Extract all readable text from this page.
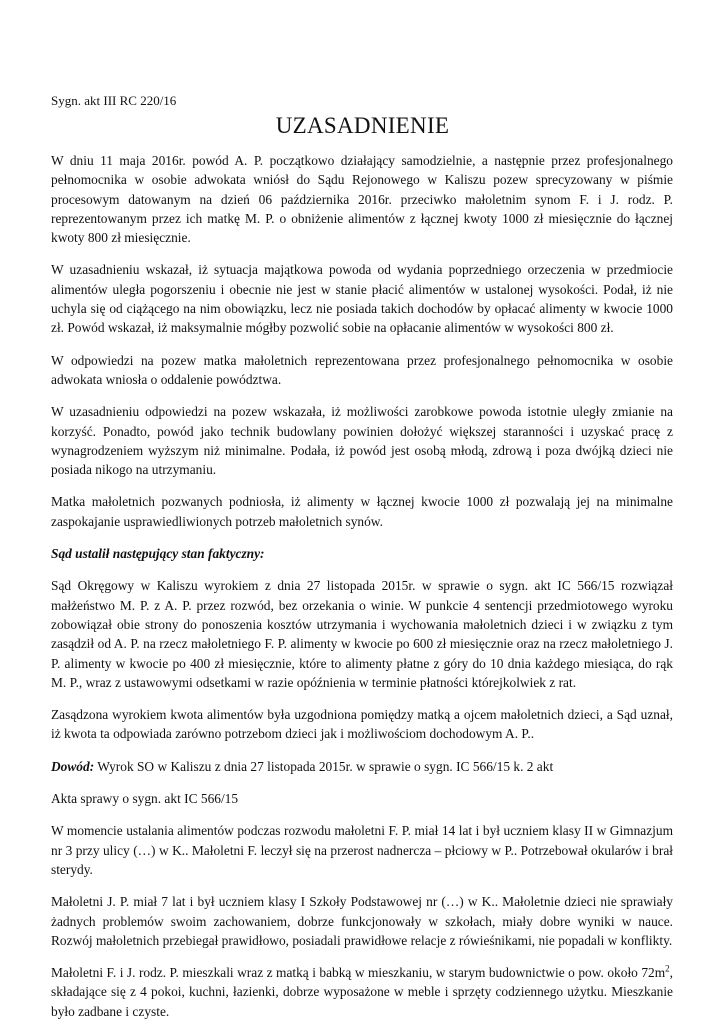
Sygn. akt III RC 220/16

UZASADNIENIE

W dniu 11 maja 2016r. powód A. P. początkowo działający samodzielnie, a następnie przez profesjonalnego pełnomocnika w osobie adwokata wniósł do Sądu Rejonowego w Kaliszu pozew sprecyzowany w piśmie procesowym datowanym na dzień 06 października 2016r. przeciwko małoletnim synom F. i J. rodz. P. reprezentowanym przez ich matkę M. P. o obniżenie alimentów z łącznej kwoty 1000 zł miesięcznie do łącznej kwoty 800 zł miesięcznie.

W uzasadnieniu wskazał, iż sytuacja majątkowa powoda od wydania poprzedniego orzeczenia w przedmiocie alimentów uległa pogorszeniu i obecnie nie jest w stanie płacić alimentów w ustalonej wysokości. Podał, iż nie uchyla się od ciążącego na nim obowiązku, lecz nie posiada takich dochodów by opłacać alimenty w kwocie 1000 zł. Powód wskazał, iż maksymalnie mógłby pozwolić sobie na opłacanie alimentów w wysokości 800 zł.

W odpowiedzi na pozew matka małoletnich reprezentowana przez profesjonalnego pełnomocnika w osobie adwokata wniosła o oddalenie powództwa.

W uzasadnieniu odpowiedzi na pozew wskazała, iż możliwości zarobkowe powoda istotnie uległy zmianie na korzyść. Ponadto, powód jako technik budowlany powinien dołożyć większej staranności i uzyskać pracę z wynagrodzeniem wyższym niż minimalne. Podała, iż powód jest osobą młodą, zdrową i poza dwójką dzieci nie posiada nikogo na utrzymaniu.

Matka małoletnich pozwanych podniosła, iż alimenty w łącznej kwocie 1000 zł pozwalają jej na minimalne zaspokajanie usprawiedliwionych potrzeb małoletnich synów.

Sąd ustalił następujący stan faktyczny:

Sąd Okręgowy w Kaliszu wyrokiem z dnia 27 listopada 2015r. w sprawie o sygn. akt IC 566/15 rozwiązał małżeństwo M. P. z A. P. przez rozwód, bez orzekania o winie. W punkcie 4 sentencji przedmiotowego wyroku zobowiązał obie strony do ponoszenia kosztów utrzymania i wychowania małoletnich dzieci i w związku z tym zasądził od A. P. na rzecz małoletniego F. P. alimenty w kwocie po 600 zł miesięcznie oraz na rzecz małoletniego J. P. alimenty w kwocie po 400 zł miesięcznie, które to alimenty płatne z góry do 10 dnia każdego miesiąca, do rąk M. P., wraz z ustawowymi odsetkami w razie opóźnienia w terminie płatności którejkolwiek z rat.

Zasądzona wyrokiem kwota alimentów była uzgodniona pomiędzy matką a ojcem małoletnich dzieci, a Sąd uznał, iż kwota ta odpowiada zarówno potrzebom dzieci jak i możliwościom dochodowym A. P..

Dowód: Wyrok SO w Kaliszu z dnia 27 listopada 2015r. w sprawie o sygn. IC 566/15 k. 2 akt

Akta sprawy o sygn. akt IC 566/15

W momencie ustalania alimentów podczas rozwodu małoletni F. P. miał 14 lat i był uczniem klasy II w Gimnazjum nr 3 przy ulicy (…) w K.. Małoletni F. leczył się na przerost nadnercza – płciowy w P.. Potrzebował okularów i brał sterydy.

Małoletni J. P. miał 7 lat i był uczniem klasy I Szkoły Podstawowej nr (…) w K.. Małoletnie dzieci nie sprawiały żadnych problemów swoim zachowaniem, dobrze funkcjonowały w szkołach, miały dobre wyniki w nauce. Rozwój małoletnich przebiegał prawidłowo, posiadali prawidłowe relacje z rówieśnikami, nie popadali w konflikty.

Małoletni F. i J. rodz. P. mieszkali wraz z matką i babką w mieszkaniu, w starym budownictwie o pow. około $72m^2$, składające się z 4 pokoi, kuchni, łazienki, dobrze wyposażone w meble i sprzęty codziennego użytku. Mieszkanie było zadbane i czyste.
